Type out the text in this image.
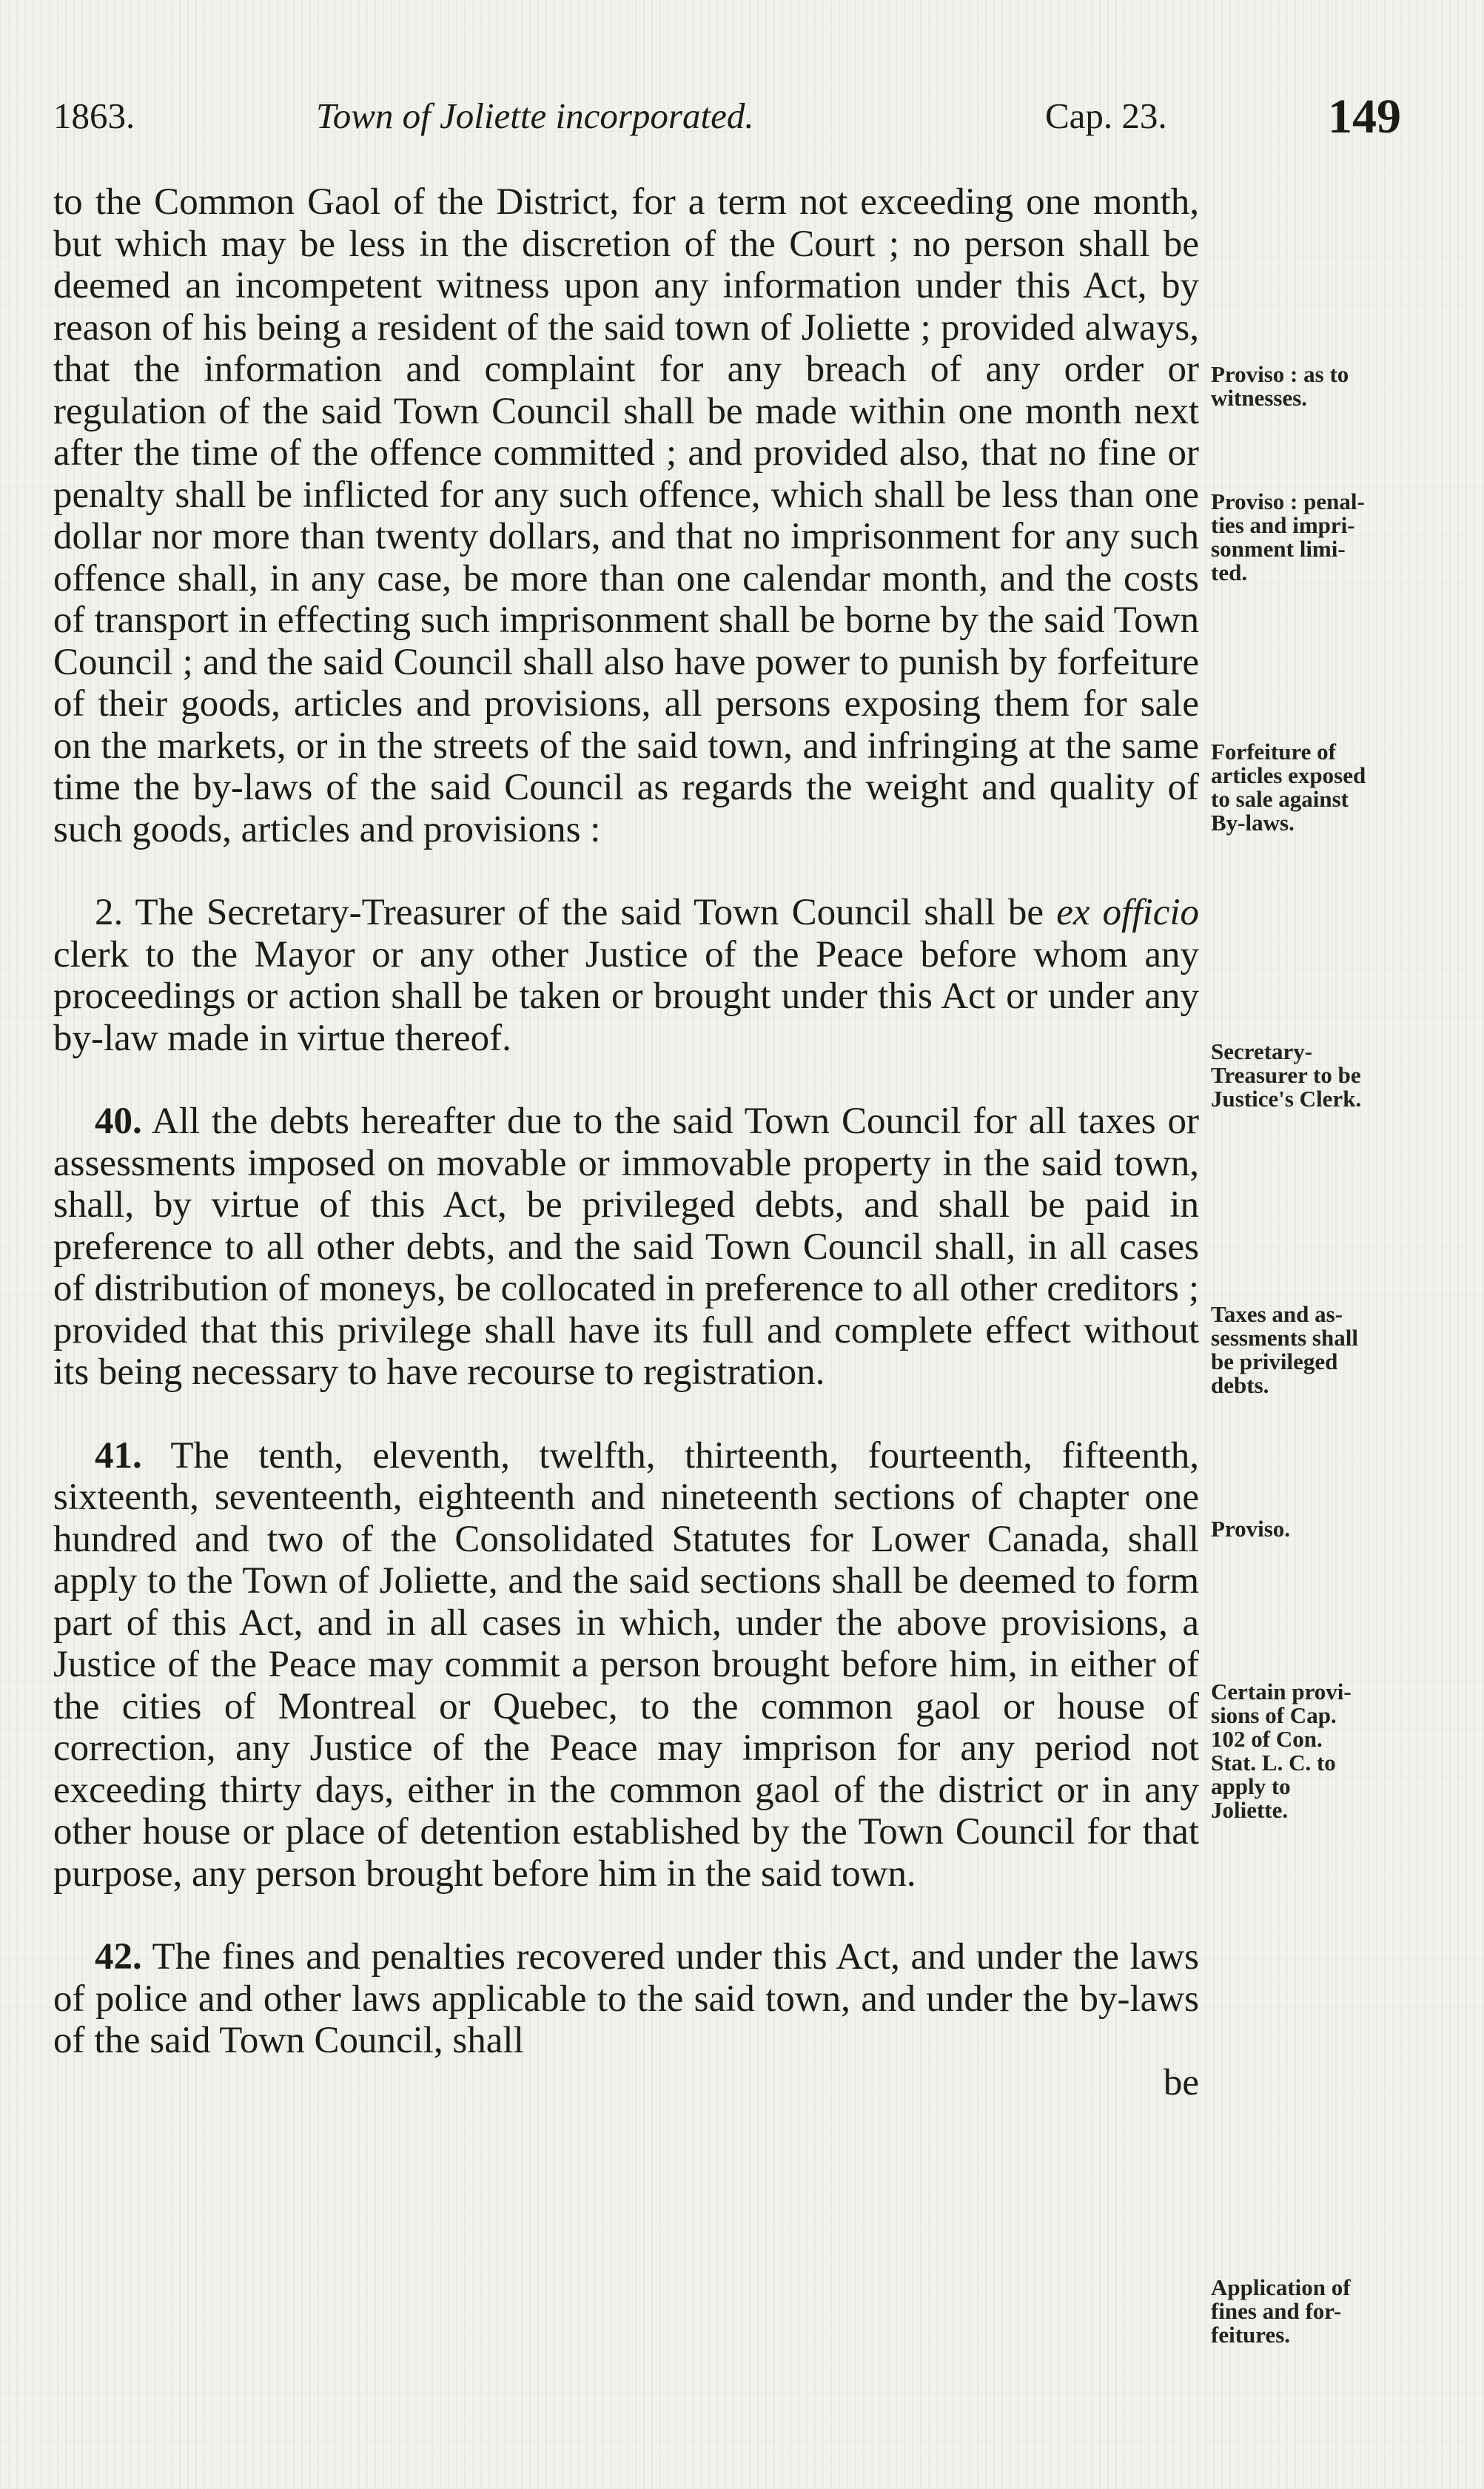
1863.	Town of Joliette incorporated.	Cap. 23.	149

to the Common Gaol of the District, for a term not exceeding one month, but which may be less in the discretion of the Court ; no person shall be deemed an incompetent witness upon any information under this Act, by reason of his being a resident of the said town of Joliette ; provided always, that the information and complaint for any breach of any order or regulation of the said Town Council shall be made within one month next after the time of the offence committed ; and provided also, that no fine or penalty shall be inflicted for any such offence, which shall be less than one dollar nor more than twenty dollars, and that no imprisonment for any such offence shall, in any case, be more than one calendar month, and the costs of transport in effecting such imprisonment shall be borne by the said Town Council ; and the said Council shall also have power to punish by forfeiture of their goods, articles and provisions, all persons exposing them for sale on the markets, or in the streets of the said town, and infringing at the same time the by-laws of the said Council as regards the weight and quality of such goods, articles and provisions :

2. The Secretary-Treasurer of the said Town Council shall be ex officio clerk to the Mayor or any other Justice of the Peace before whom any proceedings or action shall be taken or brought under this Act or under any by-law made in virtue thereof.

40. All the debts hereafter due to the said Town Council for all taxes or assessments imposed on movable or immovable property in the said town, shall, by virtue of this Act, be privileged debts, and shall be paid in preference to all other debts, and the said Town Council shall, in all cases of distribution of moneys, be collocated in preference to all other creditors ; provided that this privilege shall have its full and complete effect without its being necessary to have recourse to registration.

41. The tenth, eleventh, twelfth, thirteenth, fourteenth, fifteenth, sixteenth, seventeenth, eighteenth and nineteenth sections of chapter one hundred and two of the Consolidated Statutes for Lower Canada, shall apply to the Town of Joliette, and the said sections shall be deemed to form part of this Act, and in all cases in which, under the above provisions, a Justice of the Peace may commit a person brought before him, in either of the cities of Montreal or Quebec, to the common gaol or house of correction, any Justice of the Peace may imprison for any period not exceeding thirty days, either in the common gaol of the district or in any other house or place of detention established by the Town Council for that purpose, any person brought before him in the said town.

42. The fines and penalties recovered under this Act, and under the laws of police and other laws applicable to the said town, and under the by-laws of the said Town Council, shall

be

Proviso : as to
witnesses.
Proviso : penal-
ties and impri-
sonment limi-
ted.
Forfeiture of
articles exposed
to sale against
By-laws.
Secretary-
Treasurer to be
Justice's Clerk.
Taxes and as-
sessments shall
be privileged
debts.
Proviso.
Certain provi-
sions of Cap.
102 of Con.
Stat. L. C. to
apply to
Joliette.
Application of
fines and for-
feitures.
